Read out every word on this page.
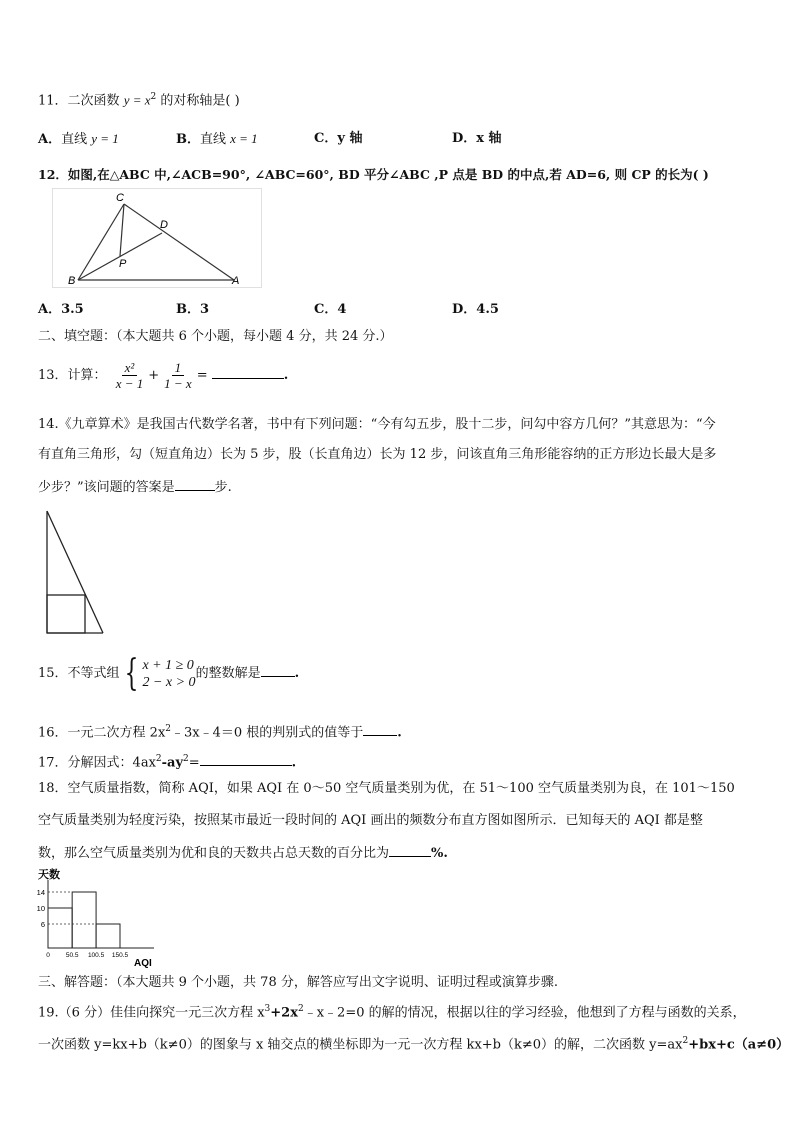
11．二次函数 $y = x^2$ 的对称轴是( )
A．直线 y = 1	B．直线 x = 1	C．y 轴	D．x 轴
12．如图,在△ABC 中,∠ACB=90°, ∠ABC=60°, BD 平分∠ABC ,P 点是 BD 的中点,若 AD=6, 则 CP 的长为( )
C
D
P
B	A
A．3.5	B．3	C．4	D．4.5
二、填空题：（本大题共 6 个小题，每小题 4 分，共 24 分.）
13．计算： $\frac{\text{x²}}{x - 1} + \frac{1}{1 - x}$ =	.
14.《九章算术》是我国古代数学名著，书中有下列问题：“今有勾五步，股十二步，问勾中容方几何？”其意思为：“今
有直角三角形，勾（短直角边）长为 5 步，股（长直角边）长为 12 步，问该直角三角形能容纳的正方形边长最大是多
少步？”该问题的答案是	步.
15．不等式组 { x + 1 ≥ 0
2 − x > 0
的整数解是	.
16．一元二次方程 $2x^2﹣3x﹣4=0$ 根的判别式的值等于	.
17．分解因式：$4ax^2-ay^2=$	.
18．空气质量指数，简称 AQI，如果 AQI 在 0～50 空气质量类别为优，在 51～100 空气质量类别为良，在 101～150
空气质量类别为轻度污染，按照某市最近一段时间的 AQI 画出的频数分布直方图如图所示．已知每天的 AQI 都是整
数，那么空气质量类别为优和良的天数共占总天数的百分比为	%.
天数
AQI
6
10
14
0 50.5 100.5 150.5
三、解答题：（本大题共 9 个小题，共 78 分，解答应写出文字说明、证明过程或演算步骤.
19.（6 分）佳佳向探究一元三次方程 $x^3+2x^2﹣x﹣2=0$ 的解的情况，根据以往的学习经验，他想到了方程与函数的关系，
一次函数 y=kx+b（k≠0）的图象与 x 轴交点的横坐标即为一元一次方程 kx+b（k≠0）的解，二次函数 $y=ax^2+bx+c(a\ne 0)$
